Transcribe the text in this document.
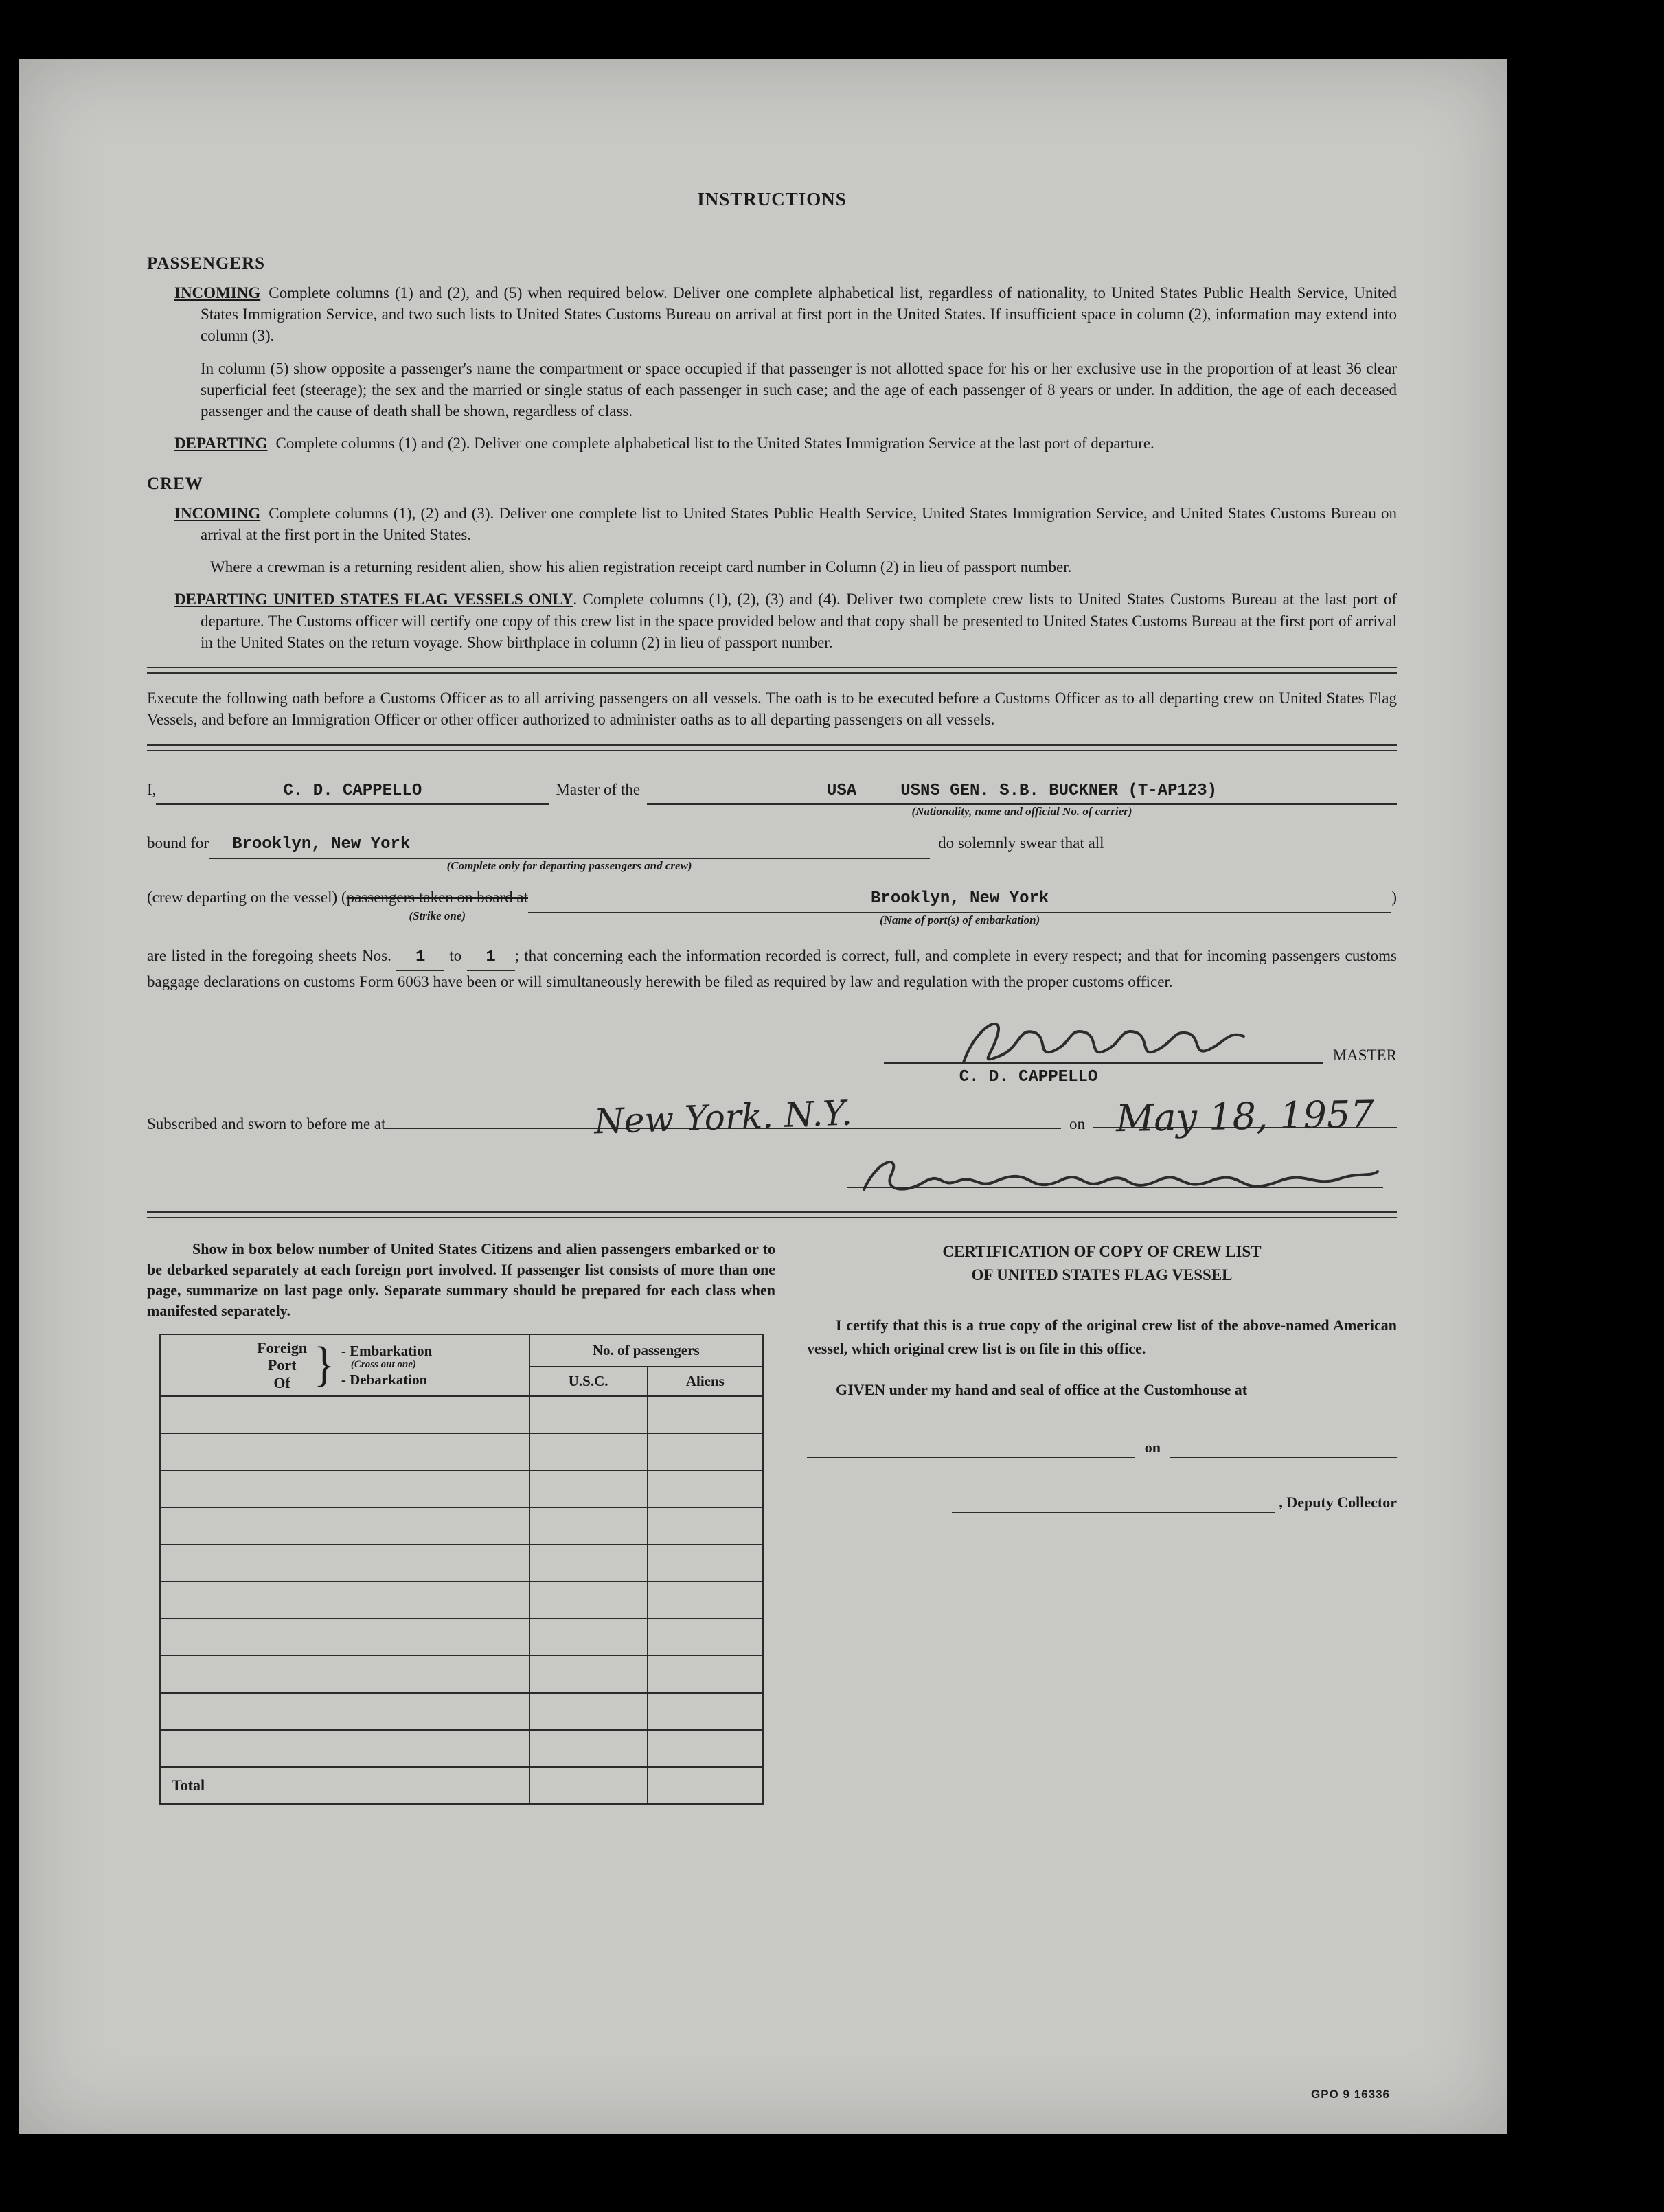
INSTRUCTIONS
PASSENGERS

INCOMING Complete columns (1) and (2), and (5) when required below. Deliver one complete alphabetical list, regardless of nationality, to United States Public Health Service, United States Immigration Service, and two such lists to United States Customs Bureau on arrival at first port in the United States. If insufficient space in column (2), information may extend into column (3).

In column (5) show opposite a passenger's name the compartment or space occupied if that passenger is not allotted space for his or her exclusive use in the proportion of at least 36 clear superficial feet (steerage); the sex and the married or single status of each passenger in such case; and the age of each passenger of 8 years or under. In addition, the age of each deceased passenger and the cause of death shall be shown, regardless of class.

DEPARTING Complete columns (1) and (2). Deliver one complete alphabetical list to the United States Immigration Service at the last port of departure.

CREW

INCOMING Complete columns (1), (2) and (3). Deliver one complete list to United States Public Health Service, United States Immigration Service, and United States Customs Bureau on arrival at the first port in the United States.

Where a crewman is a returning resident alien, show his alien registration receipt card number in Column (2) in lieu of passport number.

DEPARTING UNITED STATES FLAG VESSELS ONLY. Complete columns (1), (2), (3) and (4). Deliver two complete crew lists to United States Customs Bureau at the last port of departure. The Customs officer will certify one copy of this crew list in the space provided below and that copy shall be presented to United States Customs Bureau at the first port of arrival in the United States on the return voyage. Show birthplace in column (2) in lieu of passport number.

Execute the following oath before a Customs Officer as to all arriving passengers on all vessels. The oath is to be executed before a Customs Officer as to all departing crew on United States Flag Vessels, and before an Immigration Officer or other officer authorized to administer oaths as to all departing passengers on all vessels.

I,	C. D. CAPPELLO	Master of the	USA	USNS GEN. S.B. BUCKNER (T-AP123)
(Nationality, name and official No. of carrier)
bound for Brooklyn, New York
(Complete only for departing passengers and crew)
do solemnly swear that all
(crew departing on the vessel) ( passengers taken on board at
(Strike one)
Brooklyn, New York
(Name of port(s) of embarkation)
)

are listed in the foregoing sheets Nos. 1 to 1 ; that concerning each the information recorded is correct, full, and complete in every respect; and that for incoming passengers customs baggage declarations on customs Form 6063 have been or will simultaneously herewith be filed as required by law and regulation with the proper customs officer.

C. D. CAPPELLO
MASTER
Subscribed and sworn to before me at	New York. N.Y.	on May 18, 1957

Show in box below number of United States Citizens and alien passengers embarked or to be debarked separately at each foreign port involved. If passenger list consists of more than one page, summarize on last page only. Separate summary should be prepared for each class when manifested separately.

Foreign
Port
Of } - Embarkation
(Cross out one)
- Debarkation
	No. of passengers
	U.S.C.	Aliens

Total		
CERTIFICATION OF COPY OF CREW LIST
OF UNITED STATES FLAG VESSEL

I certify that this is a true copy of the original crew list of the above-named American vessel, which original crew list is on file in this office.

GIVEN under my hand and seal of office at the Customhouse at

on
, Deputy Collector
GPO 9 16336
